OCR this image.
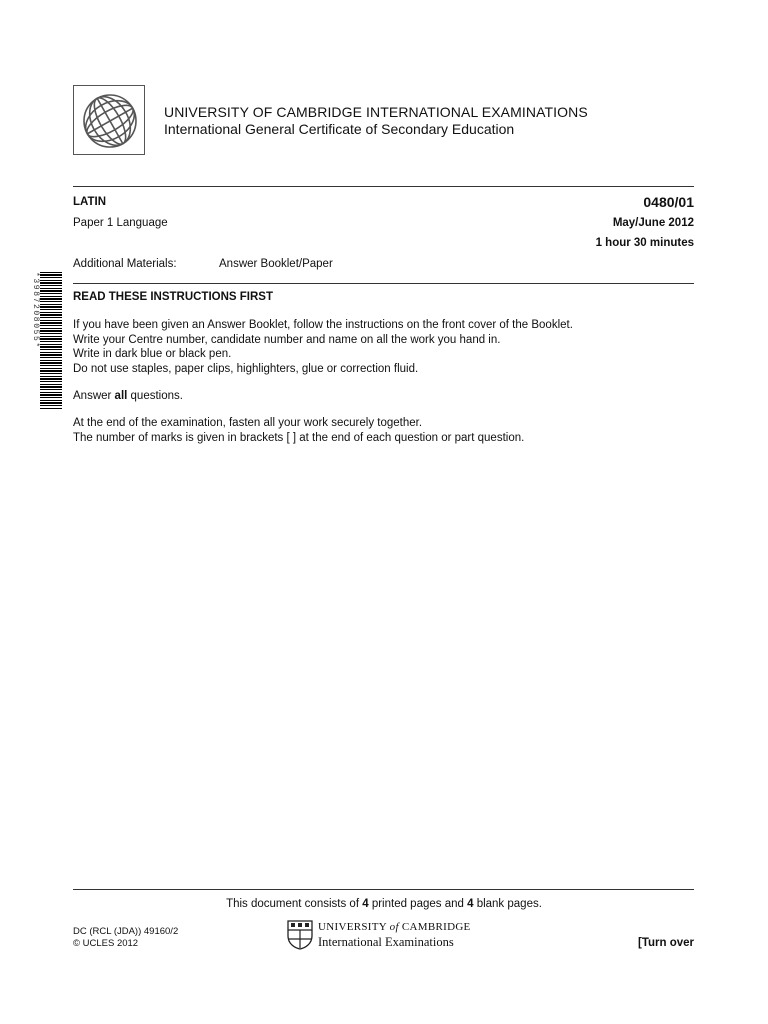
UNIVERSITY OF CAMBRIDGE INTERNATIONAL EXAMINATIONS
International General Certificate of Secondary Education
LATIN	0480/01
Paper 1 Language	May/June 2012
1 hour 30 minutes
Additional Materials:	Answer Booklet/Paper
*3987208055*	READ THESE INSTRUCTIONS FIRST
If you have been given an Answer Booklet, follow the instructions on the front cover of the Booklet.
Write your Centre number, candidate number and name on all the work you hand in.
Write in dark blue or black pen.
Do not use staples, paper clips, highlighters, glue or correction fluid.
Answer all questions.
At the end of the examination, fasten all your work securely together.
The number of marks is given in brackets [ ] at the end of each question or part question.
This document consists of 4 printed pages and 4 blank pages.
DC (RCL (JDA)) 49160/2
© UCLES 2012
UNIVERSITY of CAMBRIDGE
International Examinations	[Turn over
